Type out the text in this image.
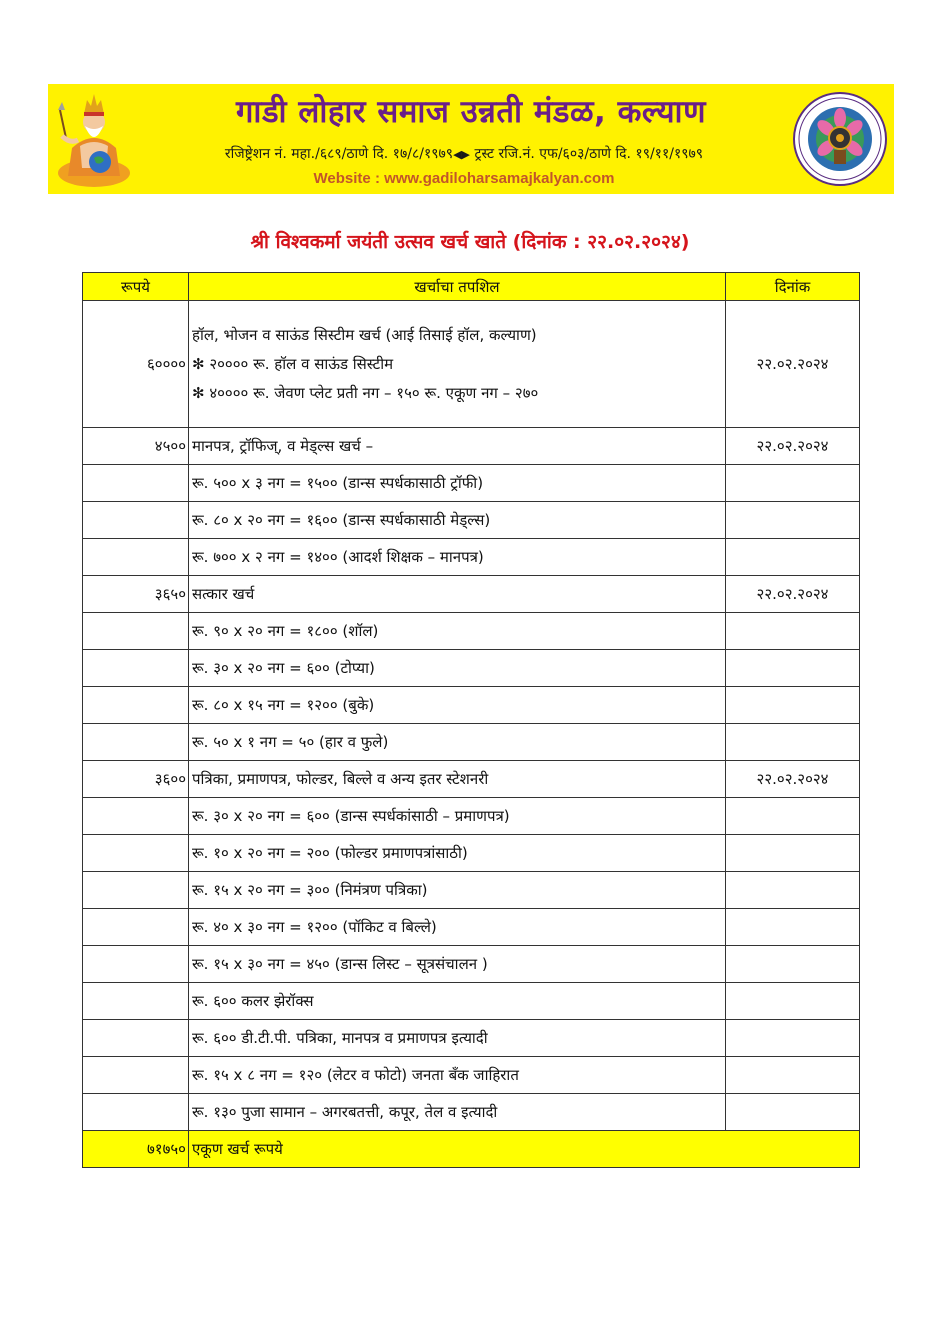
गाडी लोहार समाज उन्नती मंडळ, कल्याण
रजिष्ट्रेशन नं. महा./६८९/ठाणे दि. १७/८/१९७९◀▶ ट्रस्ट रजि.नं. एफ/६०३/ठाणे दि. १९/११/१९७९
Website : www.gadiloharsamajkalyan.com
श्री विश्वकर्मा जयंती उत्सव खर्च खाते (दिनांक : २२.०२.२०२४)
रूपये	खर्चाचा तपशिल	दिनांक
६००००	हॉल, भोजन व साऊंड सिस्टीम खर्च (आई तिसाई हॉल, कल्याण)
✻ २०००० रू. हॉल व साऊंड सिस्टीम
✻ ४०००० रू. जेवण प्लेट प्रती नग – १५० रू. एकूण नग – २७०	२२.०२.२०२४
४५००	मानपत्र, ट्रॉफिज्, व मेड्ल्स खर्च –	२२.०२.२०२४
	रू. ५०० x ३ नग = १५०० (डान्स स्पर्धकासाठी ट्रॉफी)	
	रू. ८० x २० नग = १६०० (डान्स स्पर्धकासाठी मेड्ल्स)	
	रू. ७०० x २ नग = १४०० (आदर्श शिक्षक – मानपत्र)	
३६५०	सत्कार खर्च	२२.०२.२०२४
	रू. ९० x २० नग = १८०० (शॉल)	
	रू. ३० x २० नग = ६०० (टोप्या)	
	रू. ८० x १५ नग = १२०० (बुके)	
	रू. ५० x १ नग = ५० (हार व फुले)	
३६००	पत्रिका, प्रमाणपत्र, फोल्डर, बिल्ले व अन्य इतर स्टेशनरी	२२.०२.२०२४
	रू. ३० x २० नग = ६०० (डान्स स्पर्धकांसाठी – प्रमाणपत्र)	
	रू. १० x २० नग = २०० (फोल्डर प्रमाणपत्रांसाठी)	
	रू. १५ x २० नग = ३०० (निमंत्रण पत्रिका)	
	रू. ४० x ३० नग = १२०० (पॉकिट व बिल्ले)	
	रू. १५ x ३० नग = ४५० (डान्स लिस्ट – सूत्रसंचालन )	
	रू. ६०० कलर झेरॉक्स	
	रू. ६०० डी.टी.पी. पत्रिका, मानपत्र व प्रमाणपत्र इत्यादी	
	रू. १५ x ८ नग = १२० (लेटर व फोटो) जनता बँक जाहिरात	
	रू. १३० पुजा सामान – अगरबतत्ती, कपूर, तेल व इत्यादी	
७१७५०	एकूण खर्च रूपये	
